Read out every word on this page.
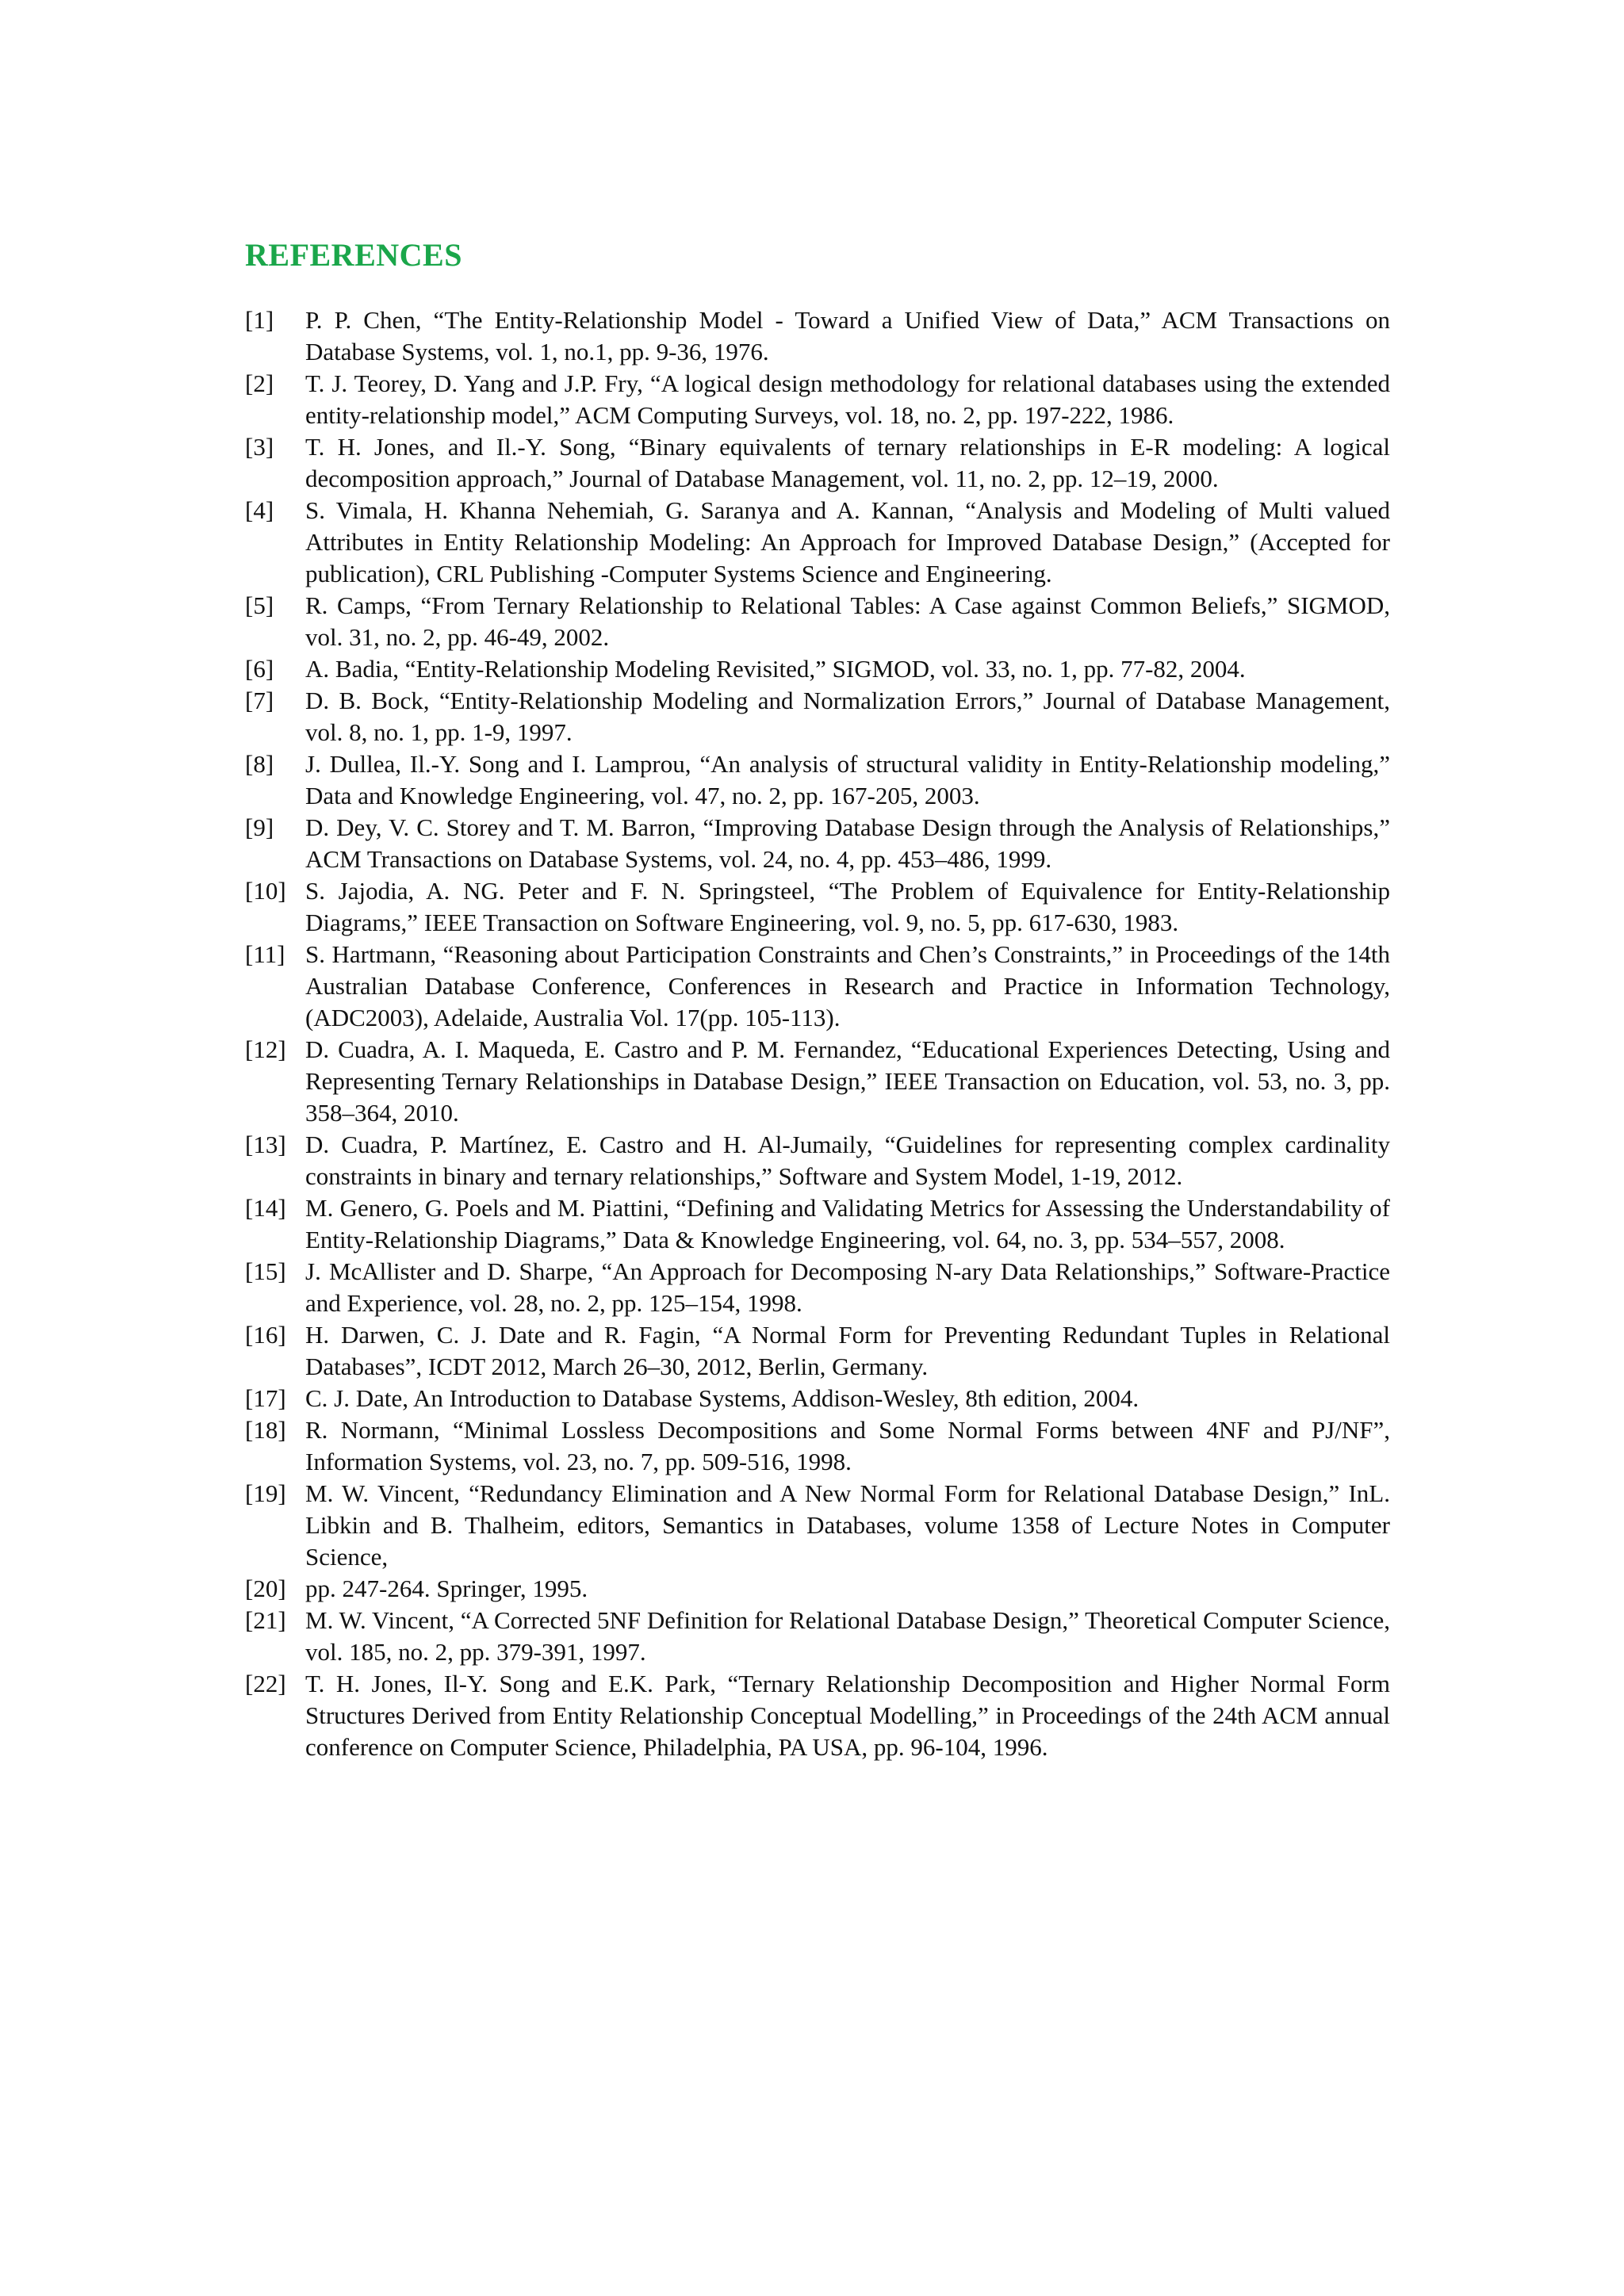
REFERENCES
[1]	P. P. Chen, “The Entity-Relationship Model - Toward a Unified View of Data,” ACM Transactions on Database Systems, vol. 1, no.1, pp. 9-36, 1976.
[2]	T. J. Teorey, D. Yang and J.P. Fry, “A logical design methodology for relational databases using the extended entity-relationship model,” ACM Computing Surveys, vol. 18, no. 2, pp. 197-222, 1986.
[3]	T. H. Jones, and Il.-Y. Song, “Binary equivalents of ternary relationships in E-R modeling: A logical decomposition approach,” Journal of Database Management, vol. 11, no. 2, pp. 12–19, 2000.
[4]	S. Vimala, H. Khanna Nehemiah, G. Saranya and A. Kannan, “Analysis and Modeling of Multi valued Attributes in Entity Relationship Modeling: An Approach for Improved Database Design,” (Accepted for publication), CRL Publishing -Computer Systems Science and Engineering.
[5]	R. Camps, “From Ternary Relationship to Relational Tables: A Case against Common Beliefs,” SIGMOD, vol. 31, no. 2, pp. 46-49, 2002.
[6]	A. Badia, “Entity-Relationship Modeling Revisited,” SIGMOD, vol. 33, no. 1, pp. 77-82, 2004.
[7]	D. B. Bock, “Entity-Relationship Modeling and Normalization Errors,” Journal of Database Management, vol. 8, no. 1, pp. 1-9, 1997.
[8]	J. Dullea, Il.-Y. Song and I. Lamprou, “An analysis of structural validity in Entity-Relationship modeling,” Data and Knowledge Engineering, vol. 47, no. 2, pp. 167-205, 2003.
[9]	D. Dey, V. C. Storey and T. M. Barron, “Improving Database Design through the Analysis of Relationships,” ACM Transactions on Database Systems, vol. 24, no. 4, pp. 453–486, 1999.
[10] S. Jajodia, A. NG. Peter and F. N. Springsteel, “The Problem of Equivalence for Entity-Relationship Diagrams,” IEEE Transaction on Software Engineering, vol. 9, no. 5, pp. 617-630, 1983.
[11] S. Hartmann, “Reasoning about Participation Constraints and Chen’s Constraints,” in Proceedings of the 14th Australian Database Conference, Conferences in Research and Practice in Information Technology, (ADC2003), Adelaide, Australia Vol. 17(pp. 105-113).
[12] D. Cuadra, A. I. Maqueda, E. Castro and P. M. Fernandez, “Educational Experiences Detecting, Using and Representing Ternary Relationships in Database Design,” IEEE Transaction on Education, vol. 53, no. 3, pp. 358–364, 2010.
[13] D. Cuadra, P. Martínez, E. Castro and H. Al-Jumaily, “Guidelines for representing complex cardinality constraints in binary and ternary relationships,” Software and System Model, 1-19, 2012.
[14] M. Genero, G. Poels and M. Piattini, “Defining and Validating Metrics for Assessing the Understandability of Entity-Relationship Diagrams,” Data & Knowledge Engineering, vol. 64, no. 3, pp. 534–557, 2008.
[15] J. McAllister and D. Sharpe, “An Approach for Decomposing N-ary Data Relationships,” Software-Practice and Experience, vol. 28, no. 2, pp. 125–154, 1998.
[16] H. Darwen, C. J. Date and R. Fagin, “A Normal Form for Preventing Redundant Tuples in Relational Databases”, ICDT 2012, March 26–30, 2012, Berlin, Germany.
[17] C. J. Date, An Introduction to Database Systems, Addison-Wesley, 8th edition, 2004.
[18] R. Normann, “Minimal Lossless Decompositions and Some Normal Forms between 4NF and PJ/NF”, Information Systems, vol. 23, no. 7, pp. 509-516, 1998.
[19] M. W. Vincent, “Redundancy Elimination and A New Normal Form for Relational Database Design,” InL. Libkin and B. Thalheim, editors, Semantics in Databases, volume 1358 of Lecture Notes in Computer Science,
[20] pp. 247-264. Springer, 1995.
[21] M. W. Vincent, “A Corrected 5NF Definition for Relational Database Design,” Theoretical Computer Science, vol. 185, no. 2, pp. 379-391, 1997.
[22] T. H. Jones, Il-Y. Song and E.K. Park, “Ternary Relationship Decomposition and Higher Normal Form Structures Derived from Entity Relationship Conceptual Modelling,” in Proceedings of the 24th ACM annual conference on Computer Science, Philadelphia, PA USA, pp. 96-104, 1996.
